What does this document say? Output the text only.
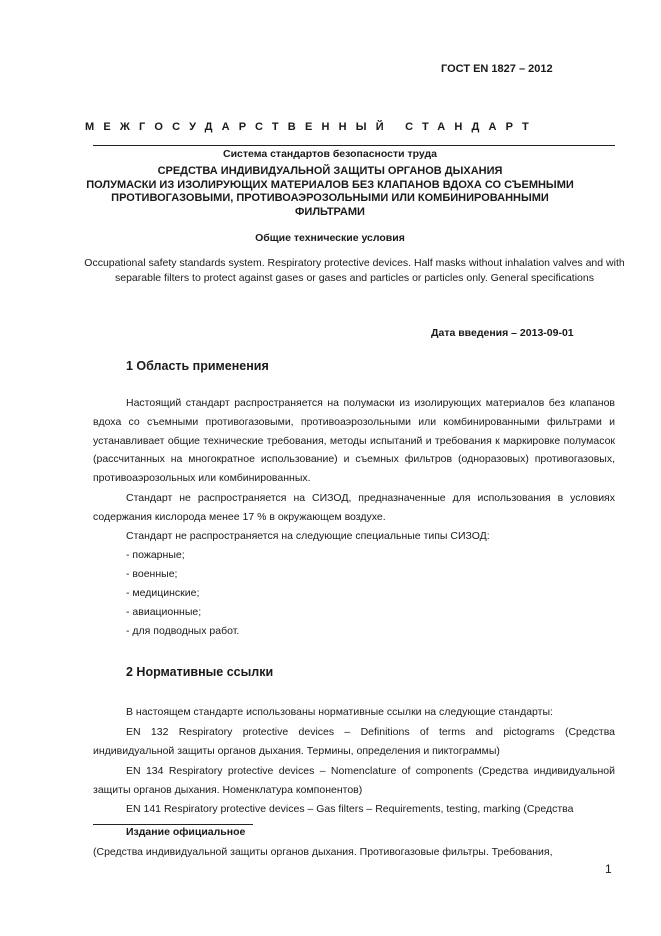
ГОСТ EN 1827 – 2012
МЕЖГОСУДАРСТВЕННЫЙ СТАНДАРТ
Система стандартов безопасности труда
СРЕДСТВА ИНДИВИДУАЛЬНОЙ ЗАЩИТЫ ОРГАНОВ ДЫХАНИЯ
ПОЛУМАСКИ ИЗ ИЗОЛИРУЮЩИХ МАТЕРИАЛОВ БЕЗ КЛАПАНОВ ВДОХА СО СЪЕМНЫМИ
ПРОТИВОГАЗОВЫМИ, ПРОТИВОАЭРОЗОЛЬНЫМИ ИЛИ КОМБИНИРОВАННЫМИ
ФИЛЬТРАМИ
Общие технические условия
Occupational safety standards system. Respiratory protective devices. Half masks without inhalation valves and with separable filters to protect against gases or gases and particles or particles only. General specifications
Дата введения – 2013-09-01
1 Область применения
Настоящий стандарт распространяется на полумаски из изолирующих материалов без клапанов вдоха со съемными противогазовыми, противоаэрозольными или комбинированными фильтрами и устанавливает общие технические требования, методы испытаний и требования к маркировке полумасок (рассчитанных на многократное использование) и съемных фильтров (одноразовых) противогазовых, противоаэрозольных или комбинированных.
Стандарт не распространяется на СИЗОД, предназначенные для использования в условиях содержания кислорода менее 17 % в окружающем воздухе.
Стандарт не распространяется на следующие специальные типы СИЗОД:
- пожарные;
- военные;
- медицинские;
- авиационные;
- для подводных работ.
2 Нормативные ссылки
В настоящем стандарте использованы нормативные ссылки на следующие стандарты:
EN 132 Respiratory protective devices – Definitions of terms and pictograms (Средства индивидуальной защиты органов дыхания. Термины, определения и пиктограммы)
EN 134 Respiratory protective devices – Nomenclature of components (Средства индивидуальной защиты органов дыхания. Номенклатура компонентов)
EN 141 Respiratory protective devices – Gas filters – Requirements, testing, marking (Средства
Издание официальное
(Средства индивидуальной защиты органов дыхания. Противогазовые фильтры. Требования,
1
